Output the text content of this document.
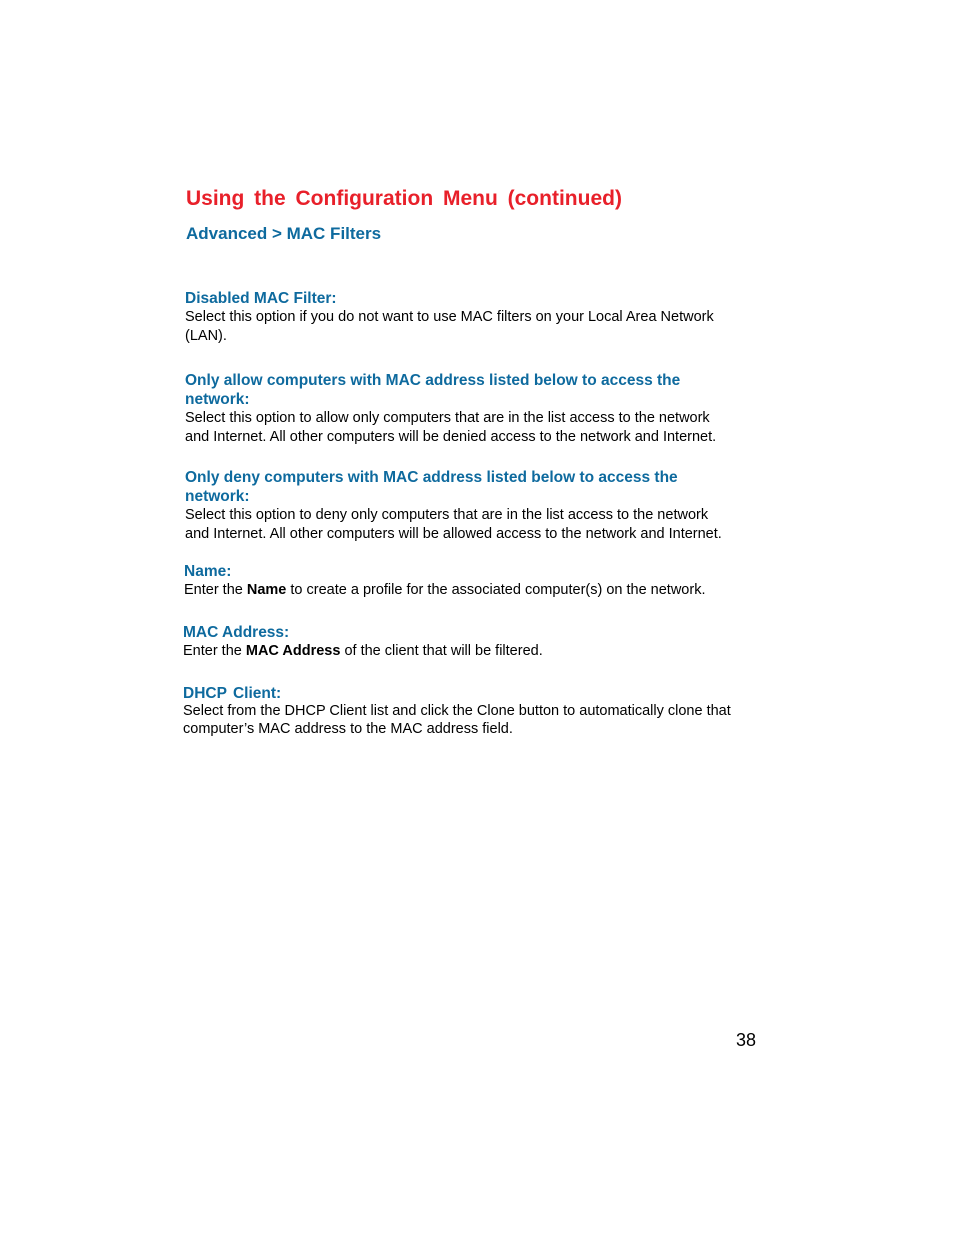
Using the Configuration Menu (continued)
Advanced > MAC Filters

Disabled MAC Filter:

Select this option if you do not want to use MAC filters on your Local Area Network
(LAN).

Only allow computers with MAC address listed below to access the
network:

Select this option to allow only computers that are in the list access to the network
and Internet. All other computers will be denied access to the network and Internet.

Only deny computers with MAC address listed below to access the
network:

Select this option to deny only computers that are in the list access to the network
and Internet. All other computers will be allowed access to the network and Internet.

Name:

Enter the Name to create a profile for the associated computer(s) on the network.

MAC Address:

Enter the MAC Address of the client that will be filtered.

DHCP Client:

Select from the DHCP Client list and click the Clone button to automatically clone that
computer’s MAC address to the MAC address field.

38
